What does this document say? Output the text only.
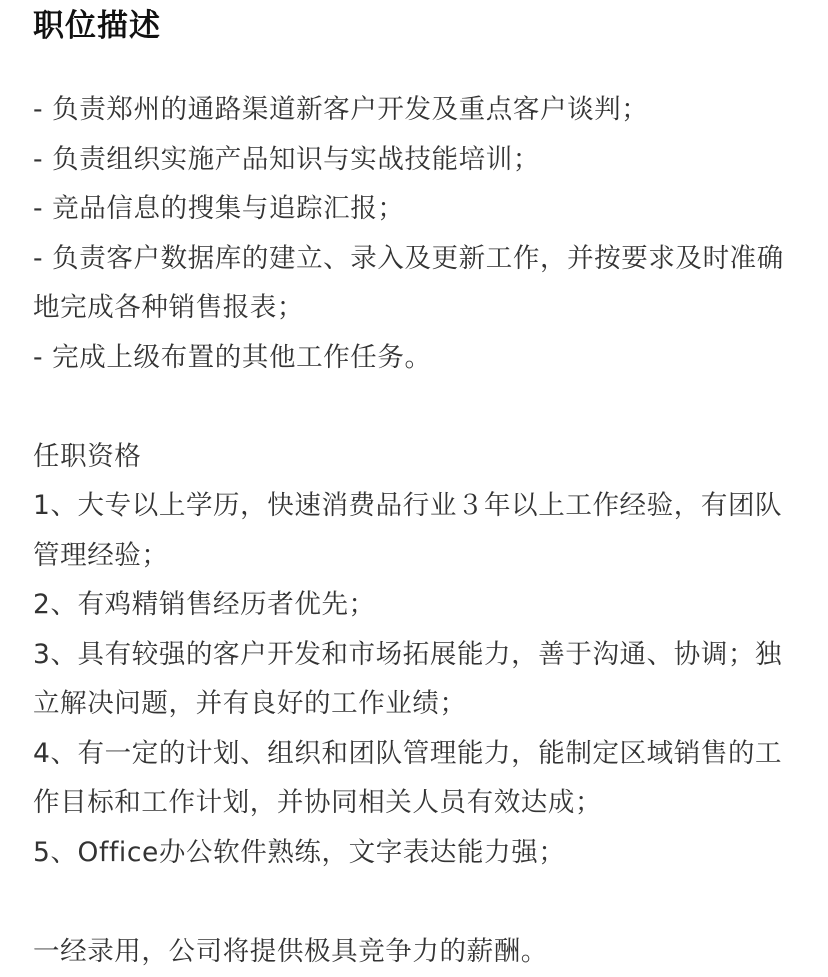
职位描述
- 负责郑州的通路渠道新客户开发及重点客户谈判；
- 负责组织实施产品知识与实战技能培训；
- 竞品信息的搜集与追踪汇报；
- 负责客户数据库的建立、录入及更新工作，并按要求及时准确地完成各种销售报表；
- 完成上级布置的其他工作任务。
任职资格
1、大专以上学历，快速消费品行业３年以上工作经验，有团队管理经验；
2、有鸡精销售经历者优先；
3、具有较强的客户开发和市场拓展能力，善于沟通、协调；独立解决问题，并有良好的工作业绩；
4、有一定的计划、组织和团队管理能力，能制定区域销售的工作目标和工作计划，并协同相关人员有效达成；
5、Office办公软件熟练，文字表达能力强；
一经录用，公司将提供极具竞争力的薪酬。
